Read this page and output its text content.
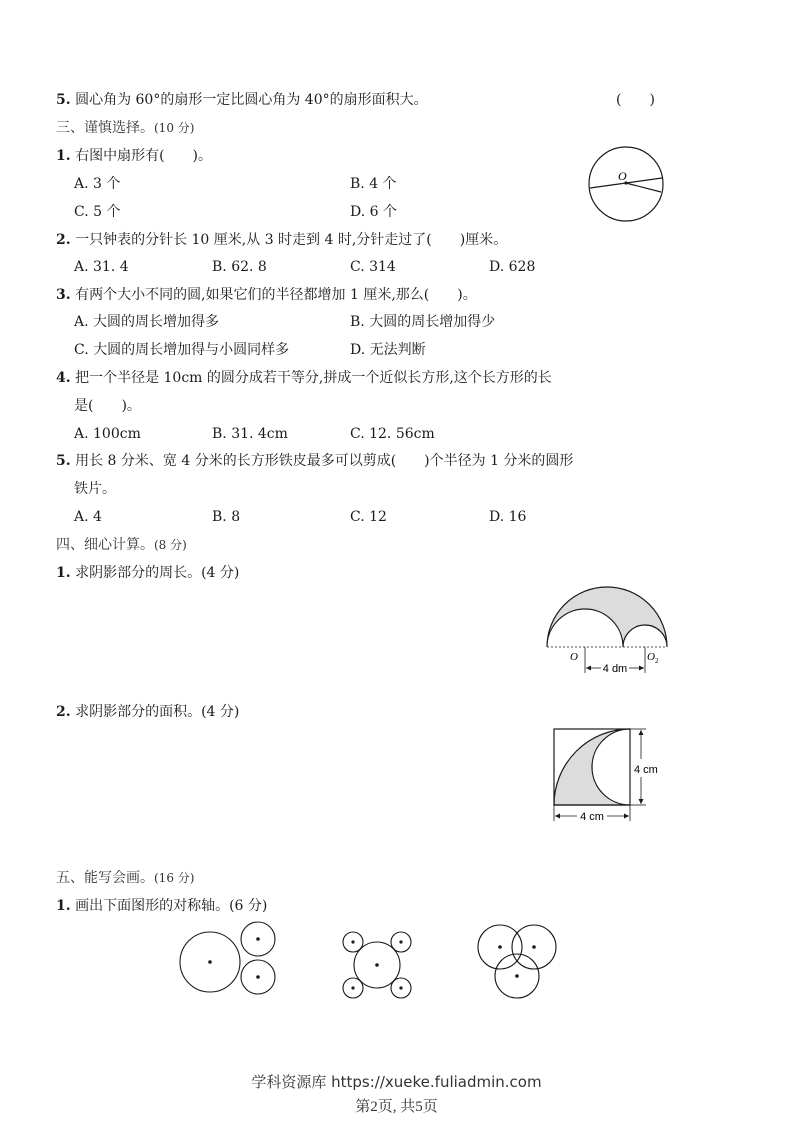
5. 圆心角为 60°的扇形一定比圆心角为 40°的扇形面积大。	(　　)
三、谨慎选择。(10 分)
1. 右图中扇形有(　　)。
A. 3 个	B. 4 个
C. 5 个	D. 6 个
O
2. 一只钟表的分针长 10 厘米,从 3 时走到 4 时,分针走过了(　　)厘米。
A. 31. 4	B. 62. 8	C. 314	D. 628
3. 有两个大小不同的圆,如果它们的半径都增加 1 厘米,那么(　　)。
A. 大圆的周长增加得多	B. 大圆的周长增加得少
C. 大圆的周长增加得与小圆同样多	D. 无法判断
4. 把一个半径是 10cm 的圆分成若干等分,拼成一个近似长方形,这个长方形的长
是(　　)。
A. 100cm	B. 31. 4cm	C. 12. 56cm
5. 用长 8 分米、宽 4 分米的长方形铁皮最多可以剪成(　　)个半径为 1 分米的圆形
铁片。
A. 4	B. 8	C. 12	D. 16
四、细心计算。(8 分)
1. 求阴影部分的周长。(4 分)
4 dm
O	O 2
2. 求阴影部分的面积。(4 分)
4 cm
4 cm
五、能写会画。(16 分)
1. 画出下面图形的对称轴。(6 分)
学科资源库 https://xueke.fuliadmin.com
第2页, 共5页
